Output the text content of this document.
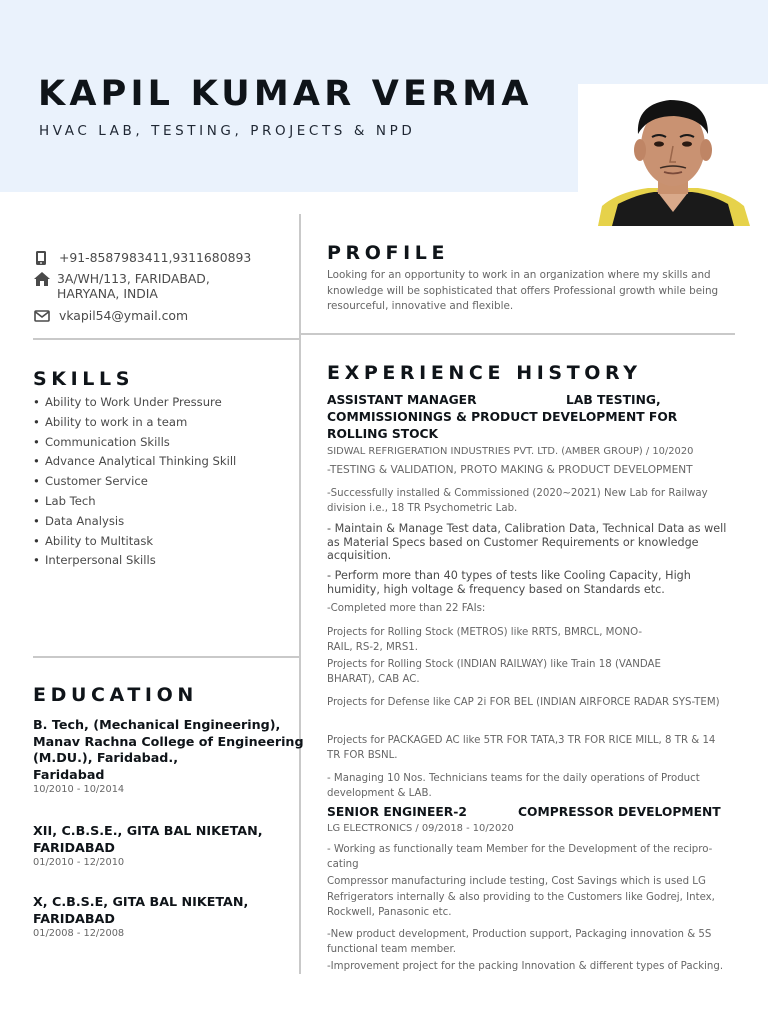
KAPIL KUMAR VERMA
HVAC LAB, TESTING, PROJECTS & NPD
+91-8587983411,9311680893
3A/WH/113, FARIDABAD,
HARYANA, INDIA
vkapil54@ymail.com
SKILLS
• Ability to Work Under Pressure
• Ability to work in a team
• Communication Skills
• Advance Analytical Thinking Skill
• Customer Service
• Lab Tech
• Data Analysis
• Ability to Multitask
• Interpersonal Skills
EDUCATION
B. Tech, (Mechanical Engineering),
Manav Rachna College of Engineering
(M.DU.), Faridabad.,
Faridabad
10/2010 - 10/2014
XII, C.B.S.E., GITA BAL NIKETAN,
FARIDABAD
01/2010 - 12/2010
X, C.B.S.E, GITA BAL NIKETAN,
FARIDABAD
01/2008 - 12/2008
PROFILE
Looking for an opportunity to work in an organization where my skills and knowledge will be sophisticated that offers Professional growth while being resourceful, innovative and flexible.
EXPERIENCE HISTORY
ASSISTANT MANAGER	LAB TESTING,
COMMISSIONINGS & PRODUCT DEVELOPMENT FOR
ROLLING STOCK
SIDWAL REFRIGERATION INDUSTRIES PVT. LTD. (AMBER GROUP) / 10/2020
-TESTING & VALIDATION, PROTO MAKING & PRODUCT DEVELOPMENT
-Successfully installed & Commissioned (2020~2021) New Lab for Railway division i.e., 18 TR Psychometric Lab.
- Maintain & Manage Test data, Calibration Data, Technical Data as well as Material Specs based on Customer Requirements or knowledge acquisition.
- Perform more than 40 types of tests like Cooling Capacity, High humidity, high voltage & frequency based on Standards etc.
-Completed more than 22 FAIs:
Projects for Rolling Stock (METROS) like RRTS, BMRCL, MONO-RAIL, RS-2, MRS1.
Projects for Rolling Stock (INDIAN RAILWAY) like Train 18 (VANDAE BHARAT), CAB AC.
Projects for Defense like CAP 2i FOR BEL (INDIAN AIRFORCE RADAR SYS-TEM)
Projects for PACKAGED AC like 5TR FOR TATA,3 TR FOR RICE MILL, 8 TR & 14 TR FOR BSNL.
- Managing 10 Nos. Technicians teams for the daily operations of Product development & LAB.
SENIOR ENGINEER-2	COMPRESSOR DEVELOPMENT
LG ELECTRONICS / 09/2018 - 10/2020
- Working as functionally team Member for the Development of the recipro-cating
Compressor manufacturing include testing, Cost Savings which is used LG Refrigerators internally & also providing to the Customers like Godrej, Intex, Rockwell, Panasonic etc.
-New product development, Production support, Packaging innovation & 5S functional team member.
-Improvement project for the packing Innovation & different types of Packing.
